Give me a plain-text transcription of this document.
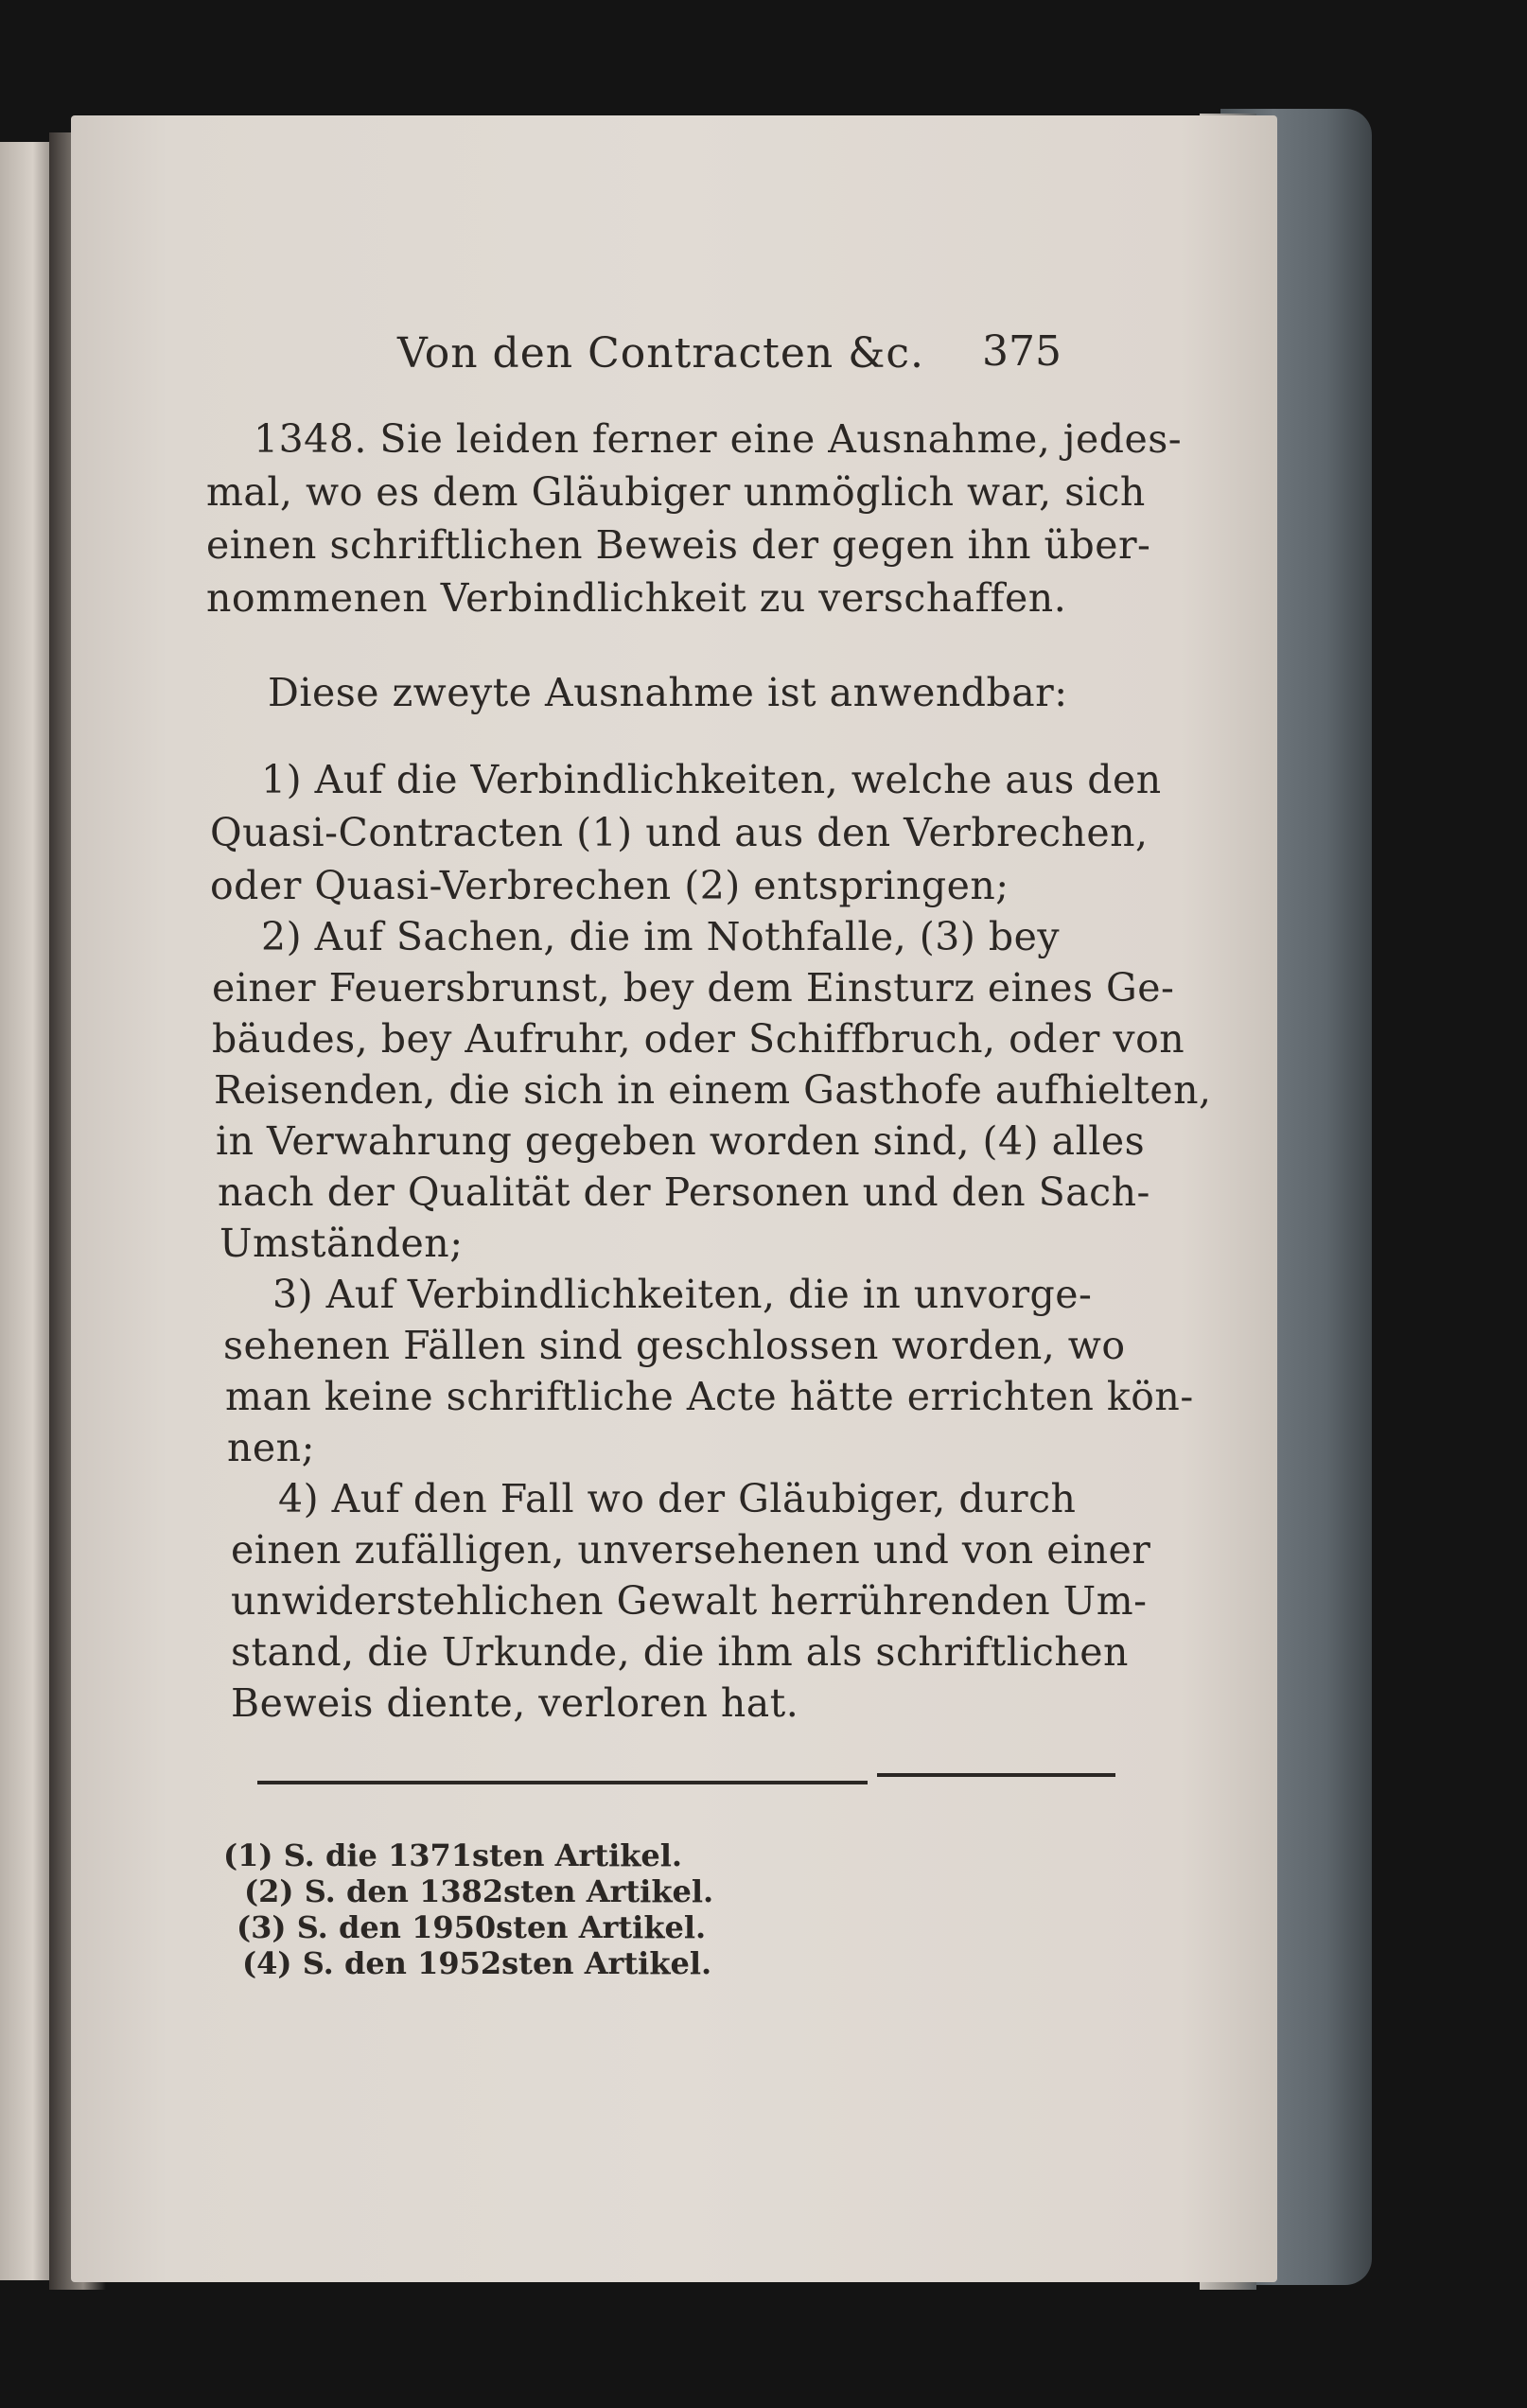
Von den Contracten &c. 375
1348. Sie leiden ferner eine Ausnahme, jedes-
mal, wo es dem Gläubiger unmöglich war, sich
einen schriftlichen Beweis der gegen ihn über-
nommenen Verbindlichkeit zu verschaffen.
Diese zweyte Ausnahme ist anwendbar:
1) Auf die Verbindlichkeiten, welche aus den
Quasi-Contracten (1) und aus den Verbrechen,
oder Quasi-Verbrechen (2) entspringen;
2) Auf Sachen, die im Nothfalle, (3) bey
einer Feuersbrunst, bey dem Einsturz eines Ge-
bäudes, bey Aufruhr, oder Schiffbruch, oder von
Reisenden, die sich in einem Gasthofe aufhielten,
in Verwahrung gegeben worden sind, (4) alles
nach der Qualität der Personen und den Sach-
Umständen;
3) Auf Verbindlichkeiten, die in unvorge-
sehenen Fällen sind geschlossen worden, wo
man keine schriftliche Acte hätte errichten kön-
nen;
4) Auf den Fall wo der Gläubiger, durch
einen zufälligen, unversehenen und von einer
unwiderstehlichen Gewalt herrührenden Um-
stand, die Urkunde, die ihm als schriftlichen
Beweis diente, verloren hat.
(1) S. die 1371sten Artikel.
(2) S. den 1382sten Artikel.
(3) S. den 1950sten Artikel.
(4) S. den 1952sten Artikel.
